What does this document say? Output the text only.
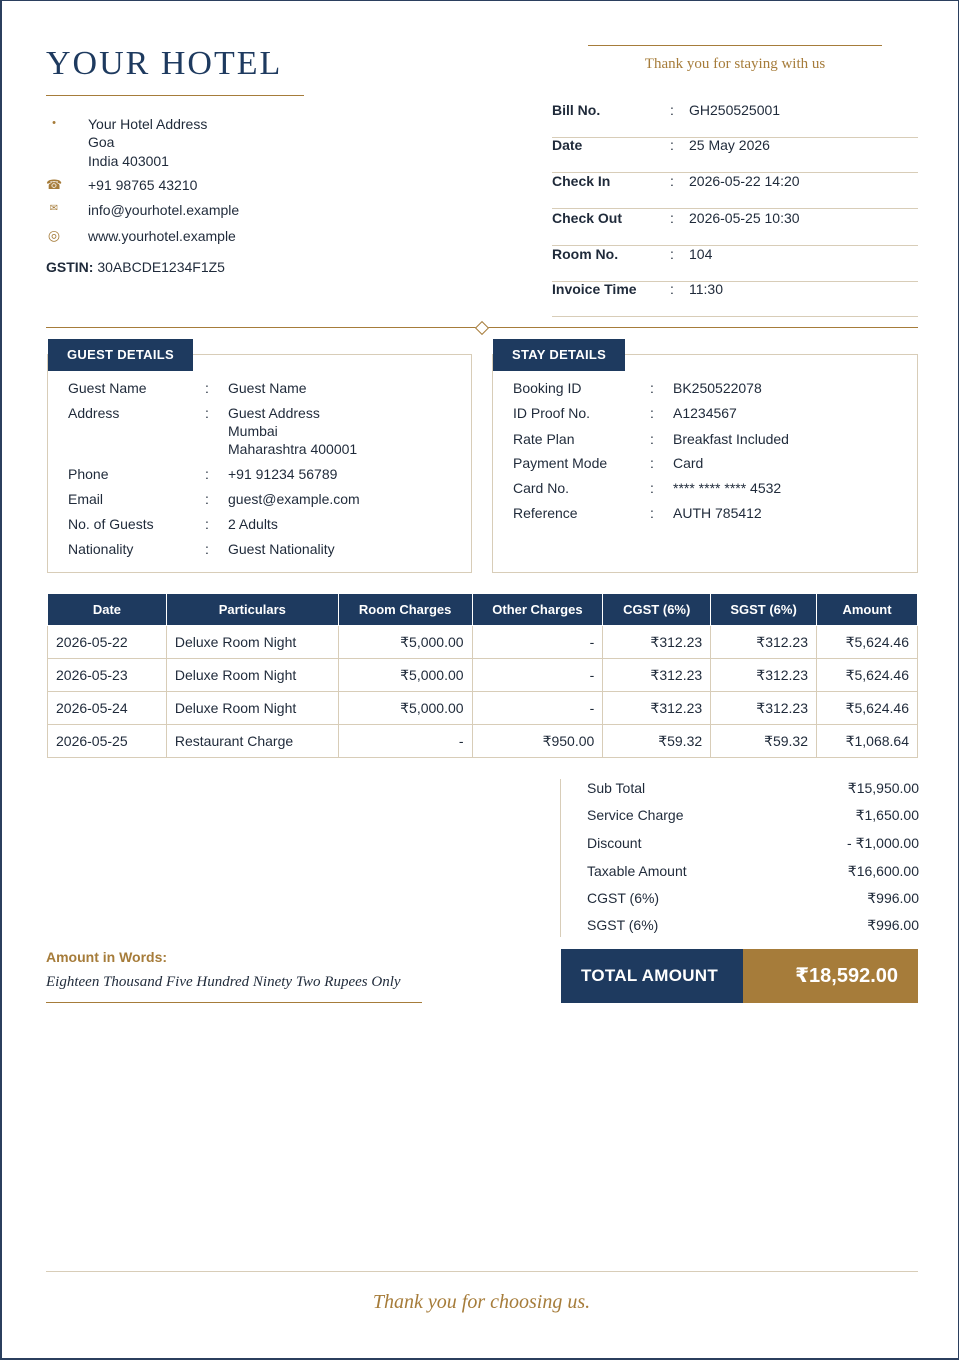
YOUR HOTEL
•	Your Hotel Address
Goa
India 403001
☎ +91 98765 43210
✉ info@yourhotel.example
◎ www.yourhotel.example
GSTIN: 30ABCDE1234F1Z5
Thank you for staying with us
Bill No.	: GH250525001
Date	: 25 May 2026
Check In	: 2026-05-22 14:20
Check Out	: 2026-05-25 10:30
Room No.	: 104
Invoice Time : 11:30
GUEST DETAILS
Guest Name	: Guest Name
Address	: Guest Address
Mumbai
Maharashtra 400001
Phone	: +91 91234 56789
Email	: guest@example.com
No. of Guests	: 2 Adults
Nationality	: Guest Nationality
STAY DETAILS
Booking ID	: BK250522078
ID Proof No.	: A1234567
Rate Plan	: Breakfast Included
Payment Mode	: Card
Card No.	: **** **** **** 4532
Reference	: AUTH 785412
Date	Particulars	Room Charges	Other Charges	CGST (6%)	SGST (6%)	Amount
2026-05-22	Deluxe Room Night	₹5,000.00	-	₹312.23	₹312.23	₹5,624.46
2026-05-23	Deluxe Room Night	₹5,000.00	-	₹312.23	₹312.23	₹5,624.46
2026-05-24	Deluxe Room Night	₹5,000.00	-	₹312.23	₹312.23	₹5,624.46
2026-05-25	Restaurant Charge	-	₹950.00	₹59.32	₹59.32	₹1,068.64
Sub Total	₹15,950.00
Service Charge	₹1,650.00
Discount	- ₹1,000.00
Taxable Amount	₹16,600.00
CGST (6%)	₹996.00
SGST (6%)	₹996.00
TOTAL AMOUNT	₹18,592.00
Amount in Words:
Eighteen Thousand Five Hundred Ninety Two Rupees Only
Thank you for choosing us.
